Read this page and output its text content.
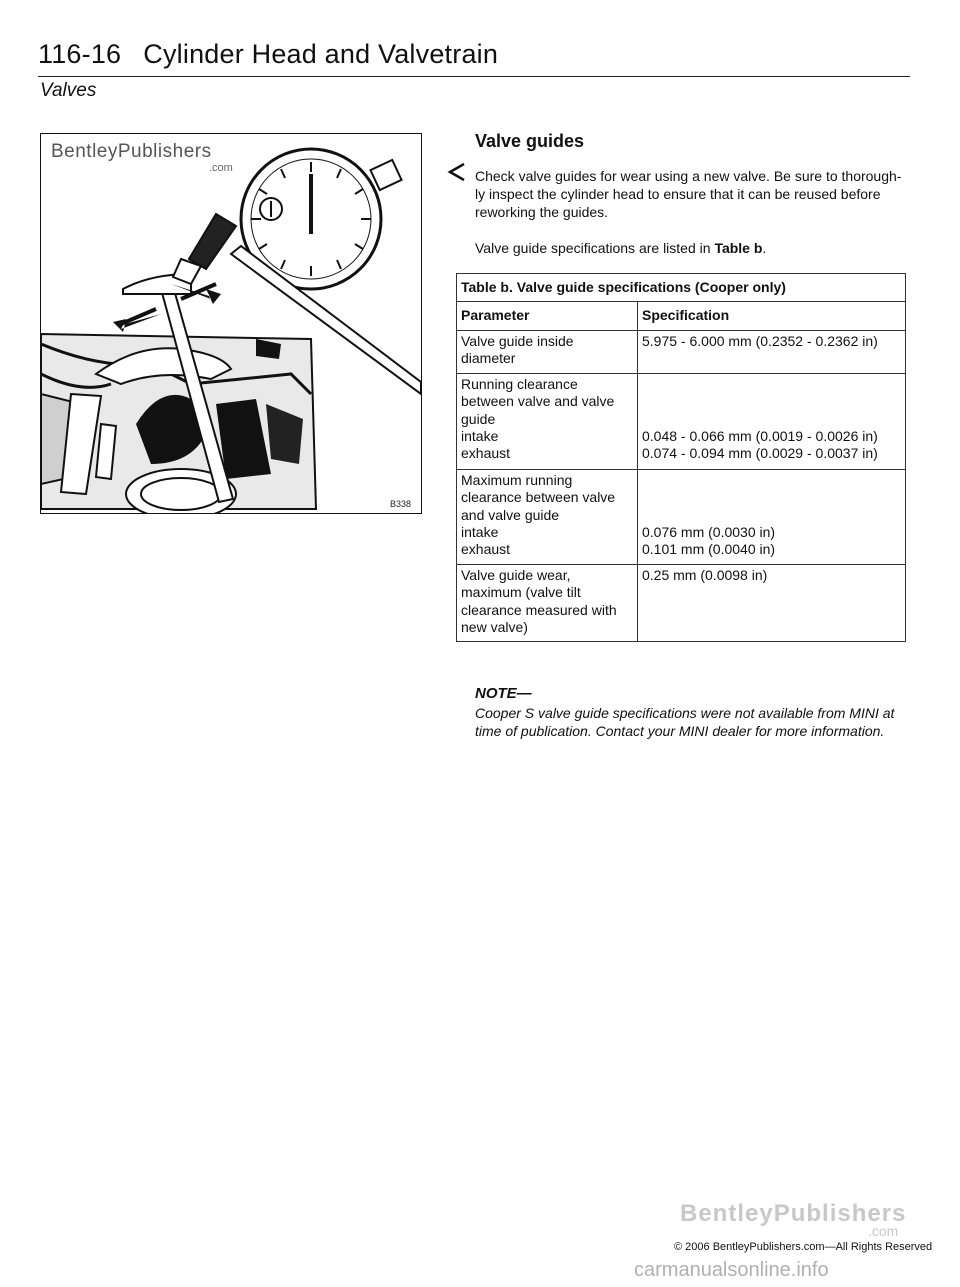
116-16 Cylinder Head and Valvetrain
Valves
BentleyPublishers
.com
B338
Valve guides
Check valve guides for wear using a new valve. Be sure to thorough-ly inspect the cylinder head to ensure that it can be reused before reworking the guides.
Valve guide specifications are listed in Table b.
Table b. Valve guide specifications (Cooper only)	
Parameter	Specification

Valve guide inside
diameter	5.975 - 6.000 mm (0.2352 - 0.2362 in)

Running clearance
between valve and valve
guide
intake
exhaust	0.048 - 0.066 mm (0.0019 - 0.0026 in)
0.074 - 0.094 mm (0.0029 - 0.0037 in)

Maximum running
clearance between valve
and valve guide
intake
exhaust	0.076 mm (0.0030 in)
0.101 mm (0.0040 in)

Valve guide wear,
maximum (valve tilt
clearance measured with
new valve)	0.25 mm (0.0098 in)
NOTE—
Cooper S valve guide specifications were not available from MINI at time of publication. Contact your MINI dealer for more information.
BentleyPublishers
.com
© 2006 BentleyPublishers.com—All Rights Reserved
carmanualsonline.info
